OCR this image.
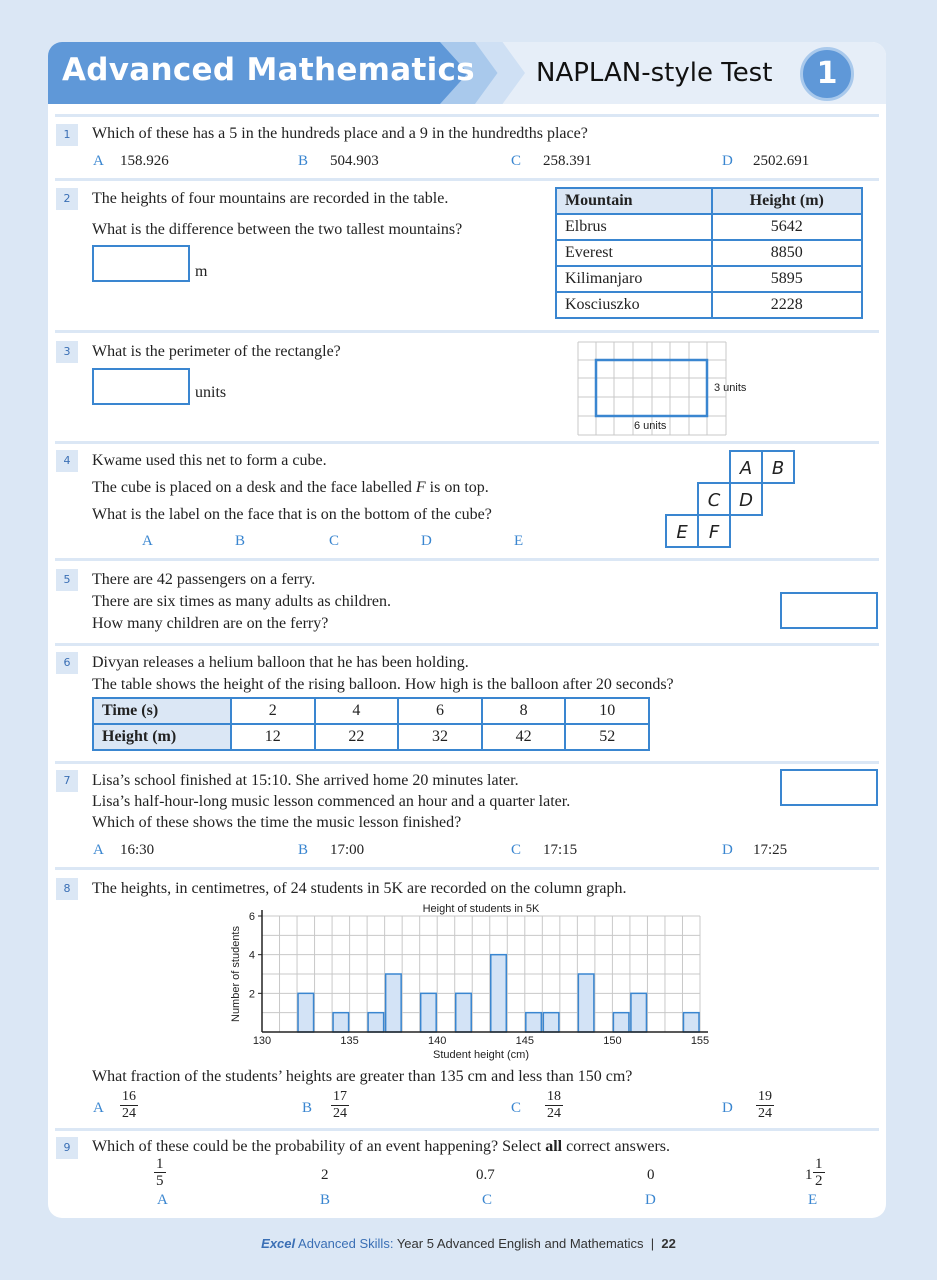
Advanced Mathematics NAPLAN-style Test	1
1	Which of these has a 5 in the hundreds place and a 9 in the hundredths place?
A 158.926	B 504.903	C 258.391	D 2502.691
2	The heights of four mountains are recorded in the table.
What is the difference between the two tallest mountains?
m
Mountain	Height (m)
Elbrus	5642
Everest	8850
Kilimanjaro	5895
Kosciuszko	2228
3	What is the perimeter of the rectangle?
units	3 units
6 units
4	Kwame used this net to form a cube.
The cube is placed on a desk and the face labelled F is on top.
What is the label on the face that is on the bottom of the cube?
A	B	C	D	E
A B
C D
E F
5	There are 42 passengers on a ferry.
There are six times as many adults as children.
How many children are on the ferry?
6	Divyan releases a helium balloon that he has been holding.
The table shows the height of the rising balloon. How high is the balloon after 20 seconds?
Time (s)	2	4	6	8	10
Height (m)	12	22	32	42	52
7	Lisa’s school finished at 15:10. She arrived home 20 minutes later.
Lisa’s half-hour-long music lesson commenced an hour and a quarter later.
Which of these shows the time the music lesson finished?
A 16:30	B 17:00	C 17:15	D 17:25
8	The heights, in centimetres, of 24 students in 5K are recorded on the column graph.
130	135	140	145	150	155
2
4
6
Height of students in 5K
Student height (cm)
Number of students
What fraction of the students’ heights are greater than 135 cm and less than 150 cm?
A $\frac{16}{24}$	B $\frac{17}{24}$	C $\frac{18}{24}$	D $\frac{19}{24}$
9	Which of these could be the probability of an event happening? Select all correct answers.
$\frac{1}{5}$
A
2
B
0.7
C
0
D
$1 \frac{1}{2}$
E
Excel Advanced Skills: Year 5 Advanced English and Mathematics | 22
